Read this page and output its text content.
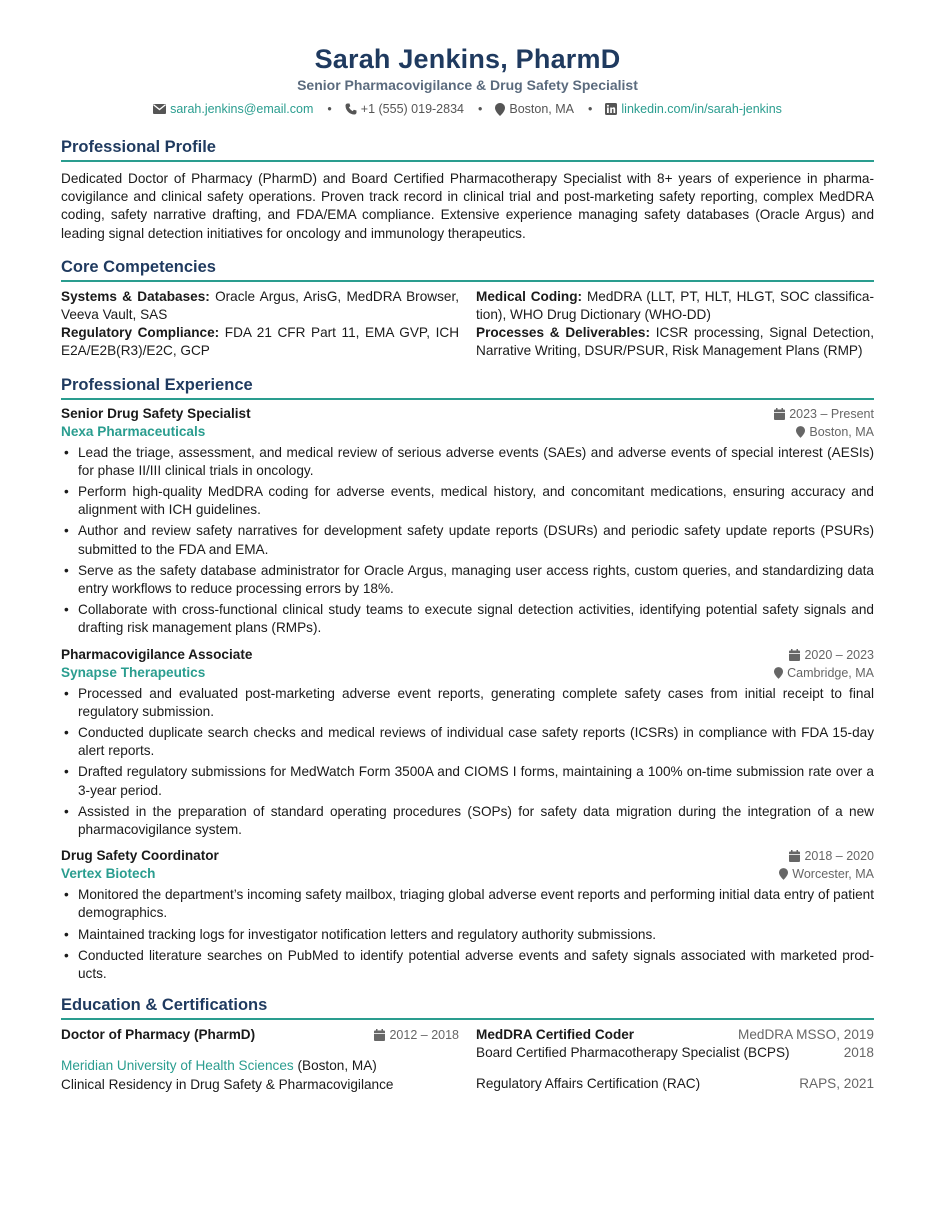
Sarah Jenkins, PharmD
Senior Pharmacovigilance & Drug Safety Specialist
sarah.jenkins@email.com • +1 (555) 019-2834 • Boston, MA • linkedin.com/in/sarah-jenkins
Professional Profile

Dedicated Doctor of Pharmacy (PharmD) and Board Certified Pharmacotherapy Specialist with 8+ years of experience in pharma-covigilance and clinical safety operations. Proven track record in clinical trial and post-marketing safety reporting, complex MedDRA coding, safety narrative drafting, and FDA/EMA compliance. Extensive experience managing safety databases (Oracle Argus) and leading signal detection initiatives for oncology and immunology therapeutics.

Core Competencies
Systems & Databases: Oracle Argus, ArisG, MedDRA Browser, Veeva Vault, SAS
Regulatory Compliance: FDA 21 CFR Part 11, EMA GVP, ICH E2A/E2B(R3)/E2C, GCP
Medical Coding: MedDRA (LLT, PT, HLT, HLGT, SOC classifica-tion), WHO Drug Dictionary (WHO-DD)
Processes & Deliverables: ICSR processing, Signal Detection, Narrative Writing, DSUR/PSUR, Risk Management Plans (RMP)
Professional Experience
Senior Drug Safety Specialist	2023 – Present
Nexa Pharmaceuticals	Boston, MA
• Lead the triage, assessment, and medical review of serious adverse events (SAEs) and adverse events of special interest (AESIs) for phase II/III clinical trials in oncology.
• Perform high-quality MedDRA coding for adverse events, medical history, and concomitant medications, ensuring accuracy and alignment with ICH guidelines.
• Author and review safety narratives for development safety update reports (DSURs) and periodic safety update reports (PSURs) submitted to the FDA and EMA.
• Serve as the safety database administrator for Oracle Argus, managing user access rights, custom queries, and standardizing data entry workflows to reduce processing errors by 18%.
• Collaborate with cross-functional clinical study teams to execute signal detection activities, identifying potential safety signals and drafting risk management plans (RMPs).
Pharmacovigilance Associate	2020 – 2023
Synapse Therapeutics	Cambridge, MA
• Processed and evaluated post-marketing adverse event reports, generating complete safety cases from initial receipt to final regulatory submission.
• Conducted duplicate search checks and medical reviews of individual case safety reports (ICSRs) in compliance with FDA 15-day alert reports.
• Drafted regulatory submissions for MedWatch Form 3500A and CIOMS I forms, maintaining a 100% on-time submission rate over a 3-year period.
• Assisted in the preparation of standard operating procedures (SOPs) for safety data migration during the integration of a new pharmacovigilance system.
Drug Safety Coordinator	2018 – 2020
Vertex Biotech	Worcester, MA
• Monitored the department’s incoming safety mailbox, triaging global adverse event reports and performing initial data entry of patient demographics.
• Maintained tracking logs for investigator notification letters and regulatory authority submissions.
• Conducted literature searches on PubMed to identify potential adverse events and safety signals associated with marketed prod-ucts.
Education & Certifications
Doctor of Pharmacy (PharmD)	2012 – 2018
Meridian University of Health Sciences (Boston, MA)
Clinical Residency in Drug Safety & Pharmacovigilance
MedDRA Certified Coder	MedDRA MSSO, 2019
Board Certified Pharmacotherapy Specialist (BCPS)	2018
Regulatory Affairs Certification (RAC)	RAPS, 2021
